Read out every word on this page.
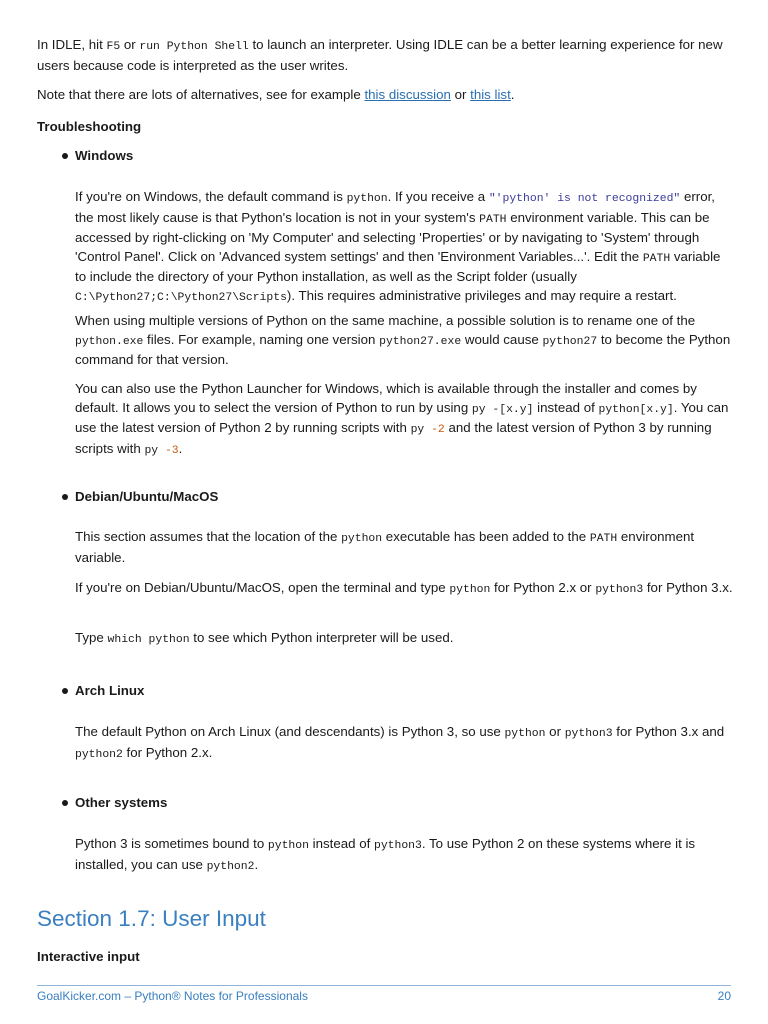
In IDLE, hit F5 or run Python Shell to launch an interpreter. Using IDLE can be a better learning experience for new users because code is interpreted as the user writes.

Note that there are lots of alternatives, see for example this discussion or this list.

Troubleshooting

Windows

If you're on Windows, the default command is python. If you receive a "'python' is not recognized" error, the most likely cause is that Python's location is not in your system's PATH environment variable. This can be accessed by right-clicking on 'My Computer' and selecting 'Properties' or by navigating to 'System' through 'Control Panel'. Click on 'Advanced system settings' and then 'Environment Variables...'. Edit the PATH variable to include the directory of your Python installation, as well as the Script folder (usually C:\Python27;C:\Python27\Scripts). This requires administrative privileges and may require a restart.

When using multiple versions of Python on the same machine, a possible solution is to rename one of the python.exe files. For example, naming one version python27.exe would cause python27 to become the Python command for that version.

You can also use the Python Launcher for Windows, which is available through the installer and comes by default. It allows you to select the version of Python to run by using py -[x.y] instead of python[x.y]. You can use the latest version of Python 2 by running scripts with py -2 and the latest version of Python 3 by running scripts with py -3.

Debian/Ubuntu/MacOS

This section assumes that the location of the python executable has been added to the PATH environment variable.

If you're on Debian/Ubuntu/MacOS, open the terminal and type python for Python 2.x or python3 for Python 3.x.

Type which python to see which Python interpreter will be used.

Arch Linux

The default Python on Arch Linux (and descendants) is Python 3, so use python or python3 for Python 3.x and python2 for Python 2.x.

Other systems

Python 3 is sometimes bound to python instead of python3. To use Python 2 on these systems where it is installed, you can use python2.

Section 1.7: User Input

Interactive input

GoalKicker.com – Python® Notes for Professionals	20
